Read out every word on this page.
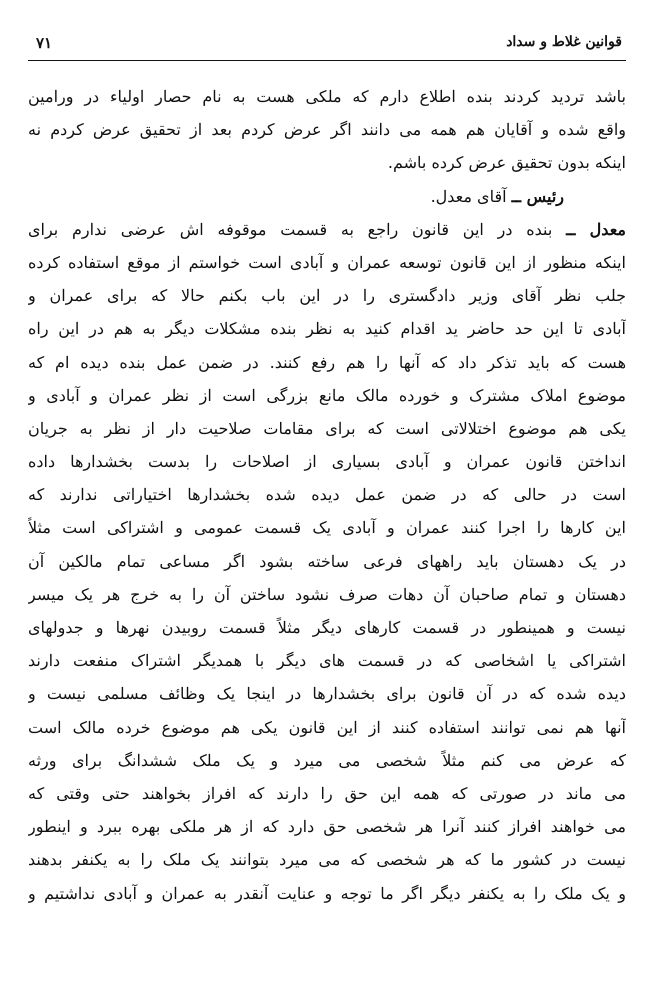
قوانین غلاط و سداد
۷۱
باشد تردید کردند بنده اطلاع دارم که ملکی هست به نام حصار اولیاء در ورامین
واقع شده و آقایان هم همه می دانند اگر عرض کردم بعد از تحقیق عرض کردم نه
اینکه بدون تحقیق عرض کرده باشم.
رئیس ــ آقای معدل.
معدل ــ بنده در این قانون راجع به قسمت موقوفه اش عرضی ندارم برای
اینکه منظور از این قانون توسعه عمران و آبادی است خواستم از موقع استفاده کرده
جلب نظر آقای وزیر دادگستری را در این باب بکنم حالا که برای عمران و
آبادی تا این حد حاضر ید اقدام کنید به نظر بنده مشکلات دیگر به هم در این راه
هست که باید تذکر داد که آنها را هم رفع کنند. در ضمن عمل بنده دیده ام که
موضوع املاک مشترک و خورده مالک مانع بزرگی است از نظر عمران و آبادی و
یکی هم موضوع اختلالاتی است که برای مقامات صلاحیت دار از نظر به جریان
انداختن قانون عمران و آبادی بسیاری از اصلاحات را بدست بخشدارها داده
است در حالی که در ضمن عمل دیده شده بخشدارها اختیاراتی ندارند که
این کارها را اجرا کنند عمران و آبادی یک قسمت عمومی و اشتراکی است مثلاً
در یک دهستان باید راههای فرعی ساخته بشود اگر مساعی تمام مالکین آن
دهستان و تمام صاحبان آن دهات صرف نشود ساختن آن را به خرج هر یک میسر
نیست و همینطور در قسمت کارهای دیگر مثلاً قسمت روبیدن نهرها و جدولهای
اشتراکی یا اشخاصی که در قسمت های دیگر با همدیگر اشتراک منفعت دارند
دیده شده که در آن قانون برای بخشدارها در اینجا یک وظائف مسلمی نیست و
آنها هم نمی توانند استفاده کنند از این قانون یکی هم موضوع خرده مالک است
که عرض می کنم مثلاً شخصی می میرد و یک ملک ششدانگ برای ورثه
می ماند در صورتی که همه این حق را دارند که افراز بخواهند حتی وقتی که
می خواهند افراز کنند آنرا هر شخصی حق دارد که از هر ملکی بهره ببرد و اینطور
نیست در کشور ما که هر شخصی که می میرد بتوانند یک ملک را به یکنفر بدهند
و یک ملک را به یکنفر دیگر اگر ما توجه و عنایت آنقدر به عمران و آبادی نداشتیم و
